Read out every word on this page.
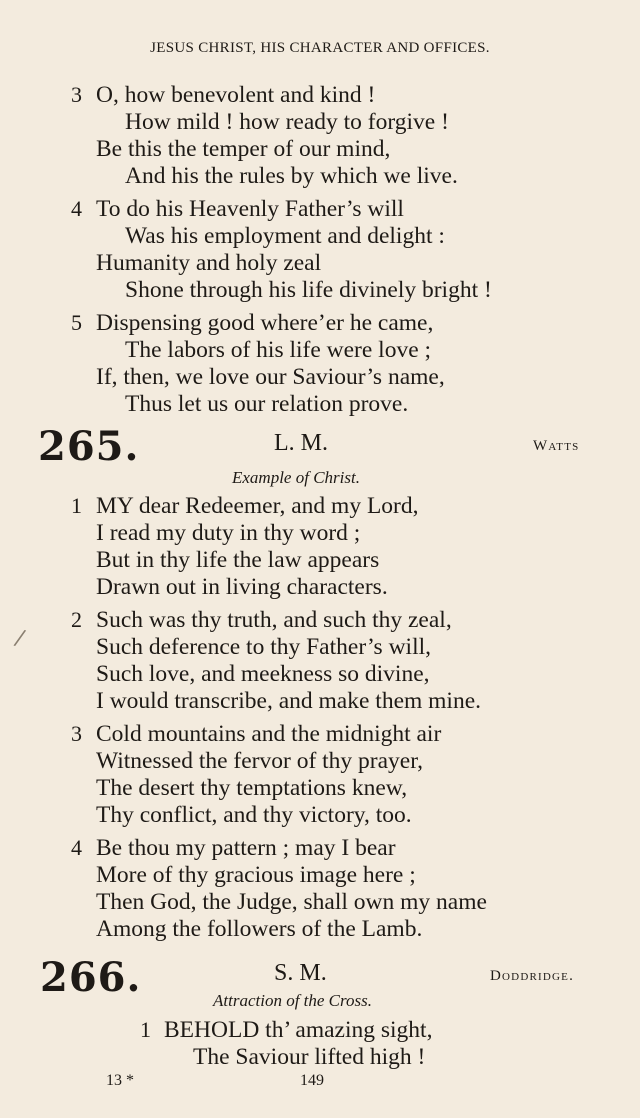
JESUS CHRIST, HIS CHARACTER AND OFFICES.
3 O, how benevolent and kind !
How mild ! how ready to forgive !
Be this the temper of our mind,
And his the rules by which we live.
4 To do his Heavenly Father’s will
Was his employment and delight :
Humanity and holy zeal
Shone through his life divinely bright !
5 Dispensing good where’er he came,
The labors of his life were love ;
If, then, we love our Saviour’s name,
Thus let us our relation prove.
265.	L. M.	Watts
Example of Christ.
1 MY dear Redeemer, and my Lord,
I read my duty in thy word ;
But in thy life the law appears
Drawn out in living characters.
2 Such was thy truth, and such thy zeal,
Such deference to thy Father’s will,
Such love, and meekness so divine,
I would transcribe, and make them mine.
3 Cold mountains and the midnight air
Witnessed the fervor of thy prayer,
The desert thy temptations knew,
Thy conflict, and thy victory, too.
4 Be thou my pattern ; may I bear
More of thy gracious image here ;
Then God, the Judge, shall own my name
Among the followers of the Lamb.
266.	S. M.	Doddridge.
Attraction of the Cross.
1 BEHOLD th’ amazing sight,
The Saviour lifted high !
13 *	149
/
